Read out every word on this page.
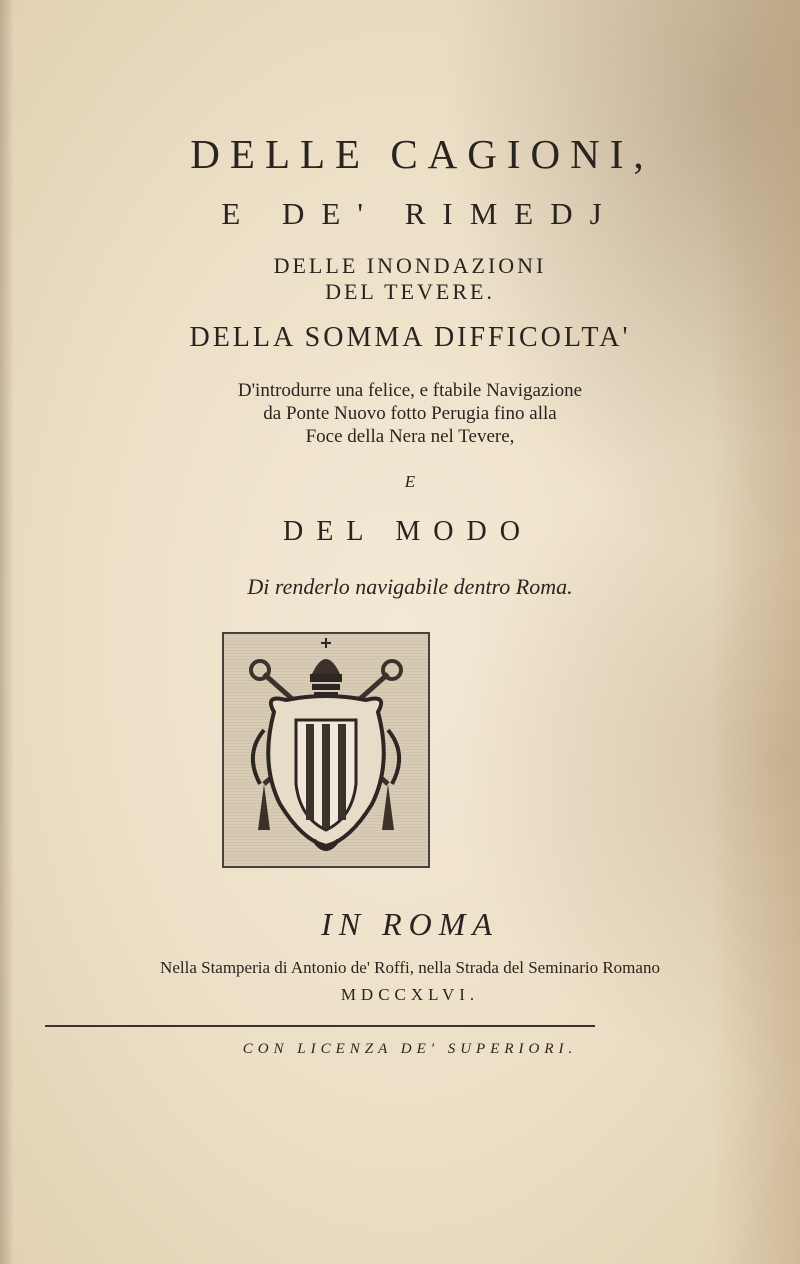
DELLE CAGIONI,
E DE' RIMEDJ
DELLE INONDAZIONI
DEL TEVERE.
DELLA SOMMA DIFFICOLTA'
D'introdurre una felice, e ftabile Navigazione
da Ponte Nuovo fotto Perugia fino alla
Foce della Nera nel Tevere,
E
DEL MODO
Di renderlo navigabile dentro Roma.
IN ROMA
Nella Stamperia di Antonio de' Roffi, nella Strada del Seminario Romano
MDCCXLVI.
CON LICENZA DE' SUPERIORI.
